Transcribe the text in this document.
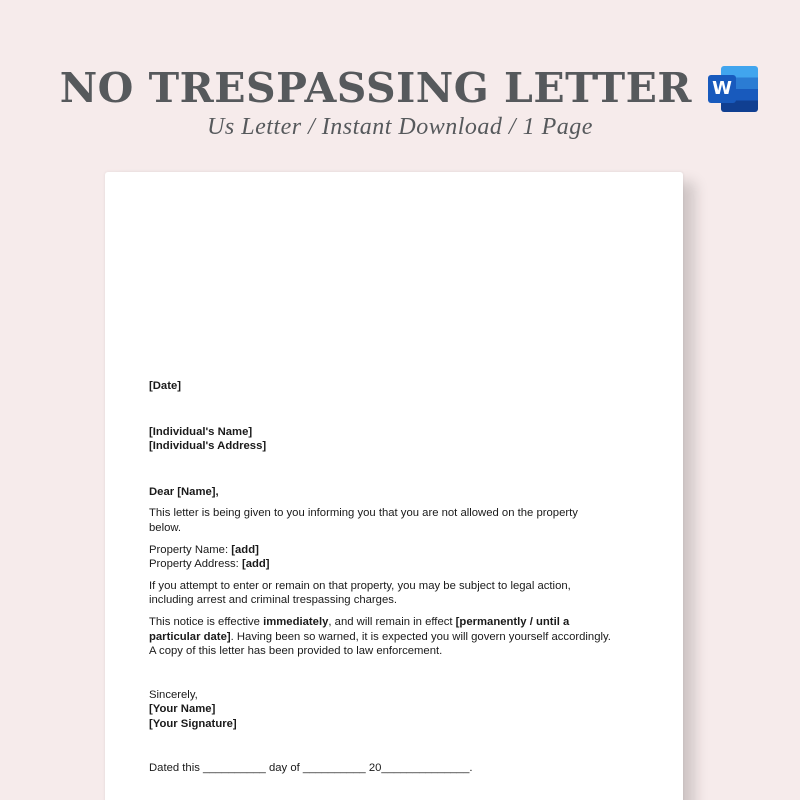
NO TRESPASSING LETTER W
Us Letter / Instant Download / 1 Page
[Date]
[Individual's Name]
[Individual's Address]
Dear [Name],
This letter is being given to you informing you that you are not allowed on the property
below.
Property Name: [add]
Property Address: [add]
If you attempt to enter or remain on that property, you may be subject to legal action,
including arrest and criminal trespassing charges.
This notice is effective immediately, and will remain in effect [permanently / until a
particular date]. Having been so warned, it is expected you will govern yourself accordingly.
A copy of this letter has been provided to law enforcement.
Sincerely,
[Your Name]
[Your Signature]
Dated this __________ day of __________ 20______________.
